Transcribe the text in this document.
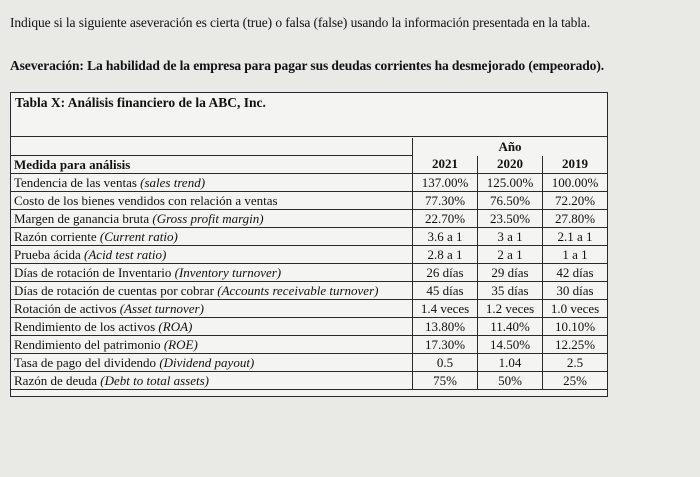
Indique si la siguiente aseveración es cierta (true) o falsa (false) usando la información presentada en la tabla.
Aseveración: La habilidad de la empresa para pagar sus deudas corrientes ha desmejorado (empeorado).
Tabla X: Análisis financiero de la ABC, Inc.
	Año		
Medida para análisis	2021	2020	2019
Tendencia de las ventas (sales trend)	137.00%	125.00%	100.00%
Costo de los bienes vendidos con relación a ventas	77.30%	76.50%	72.20%
Margen de ganancia bruta (Gross profit margin)	22.70%	23.50%	27.80%
Razón corriente (Current ratio)	3.6 a 1	3 a 1	2.1 a 1
Prueba ácida (Acid test ratio)	2.8 a 1	2 a 1	1 a 1
Días de rotación de Inventario (Inventory turnover)	26 días	29 días	42 días
Días de rotación de cuentas por cobrar (Accounts receivable turnover)	45 días	35 días	30 días
Rotación de activos (Asset turnover)	1.4 veces	1.2 veces	1.0 veces
Rendimiento de los activos (ROA)	13.80%	11.40%	10.10%
Rendimiento del patrimonio (ROE)	17.30%	14.50%	12.25%
Tasa de pago del dividendo (Dividend payout)	0.5	1.04	2.5
Razón de deuda (Debt to total assets)	75%	50%	25%
